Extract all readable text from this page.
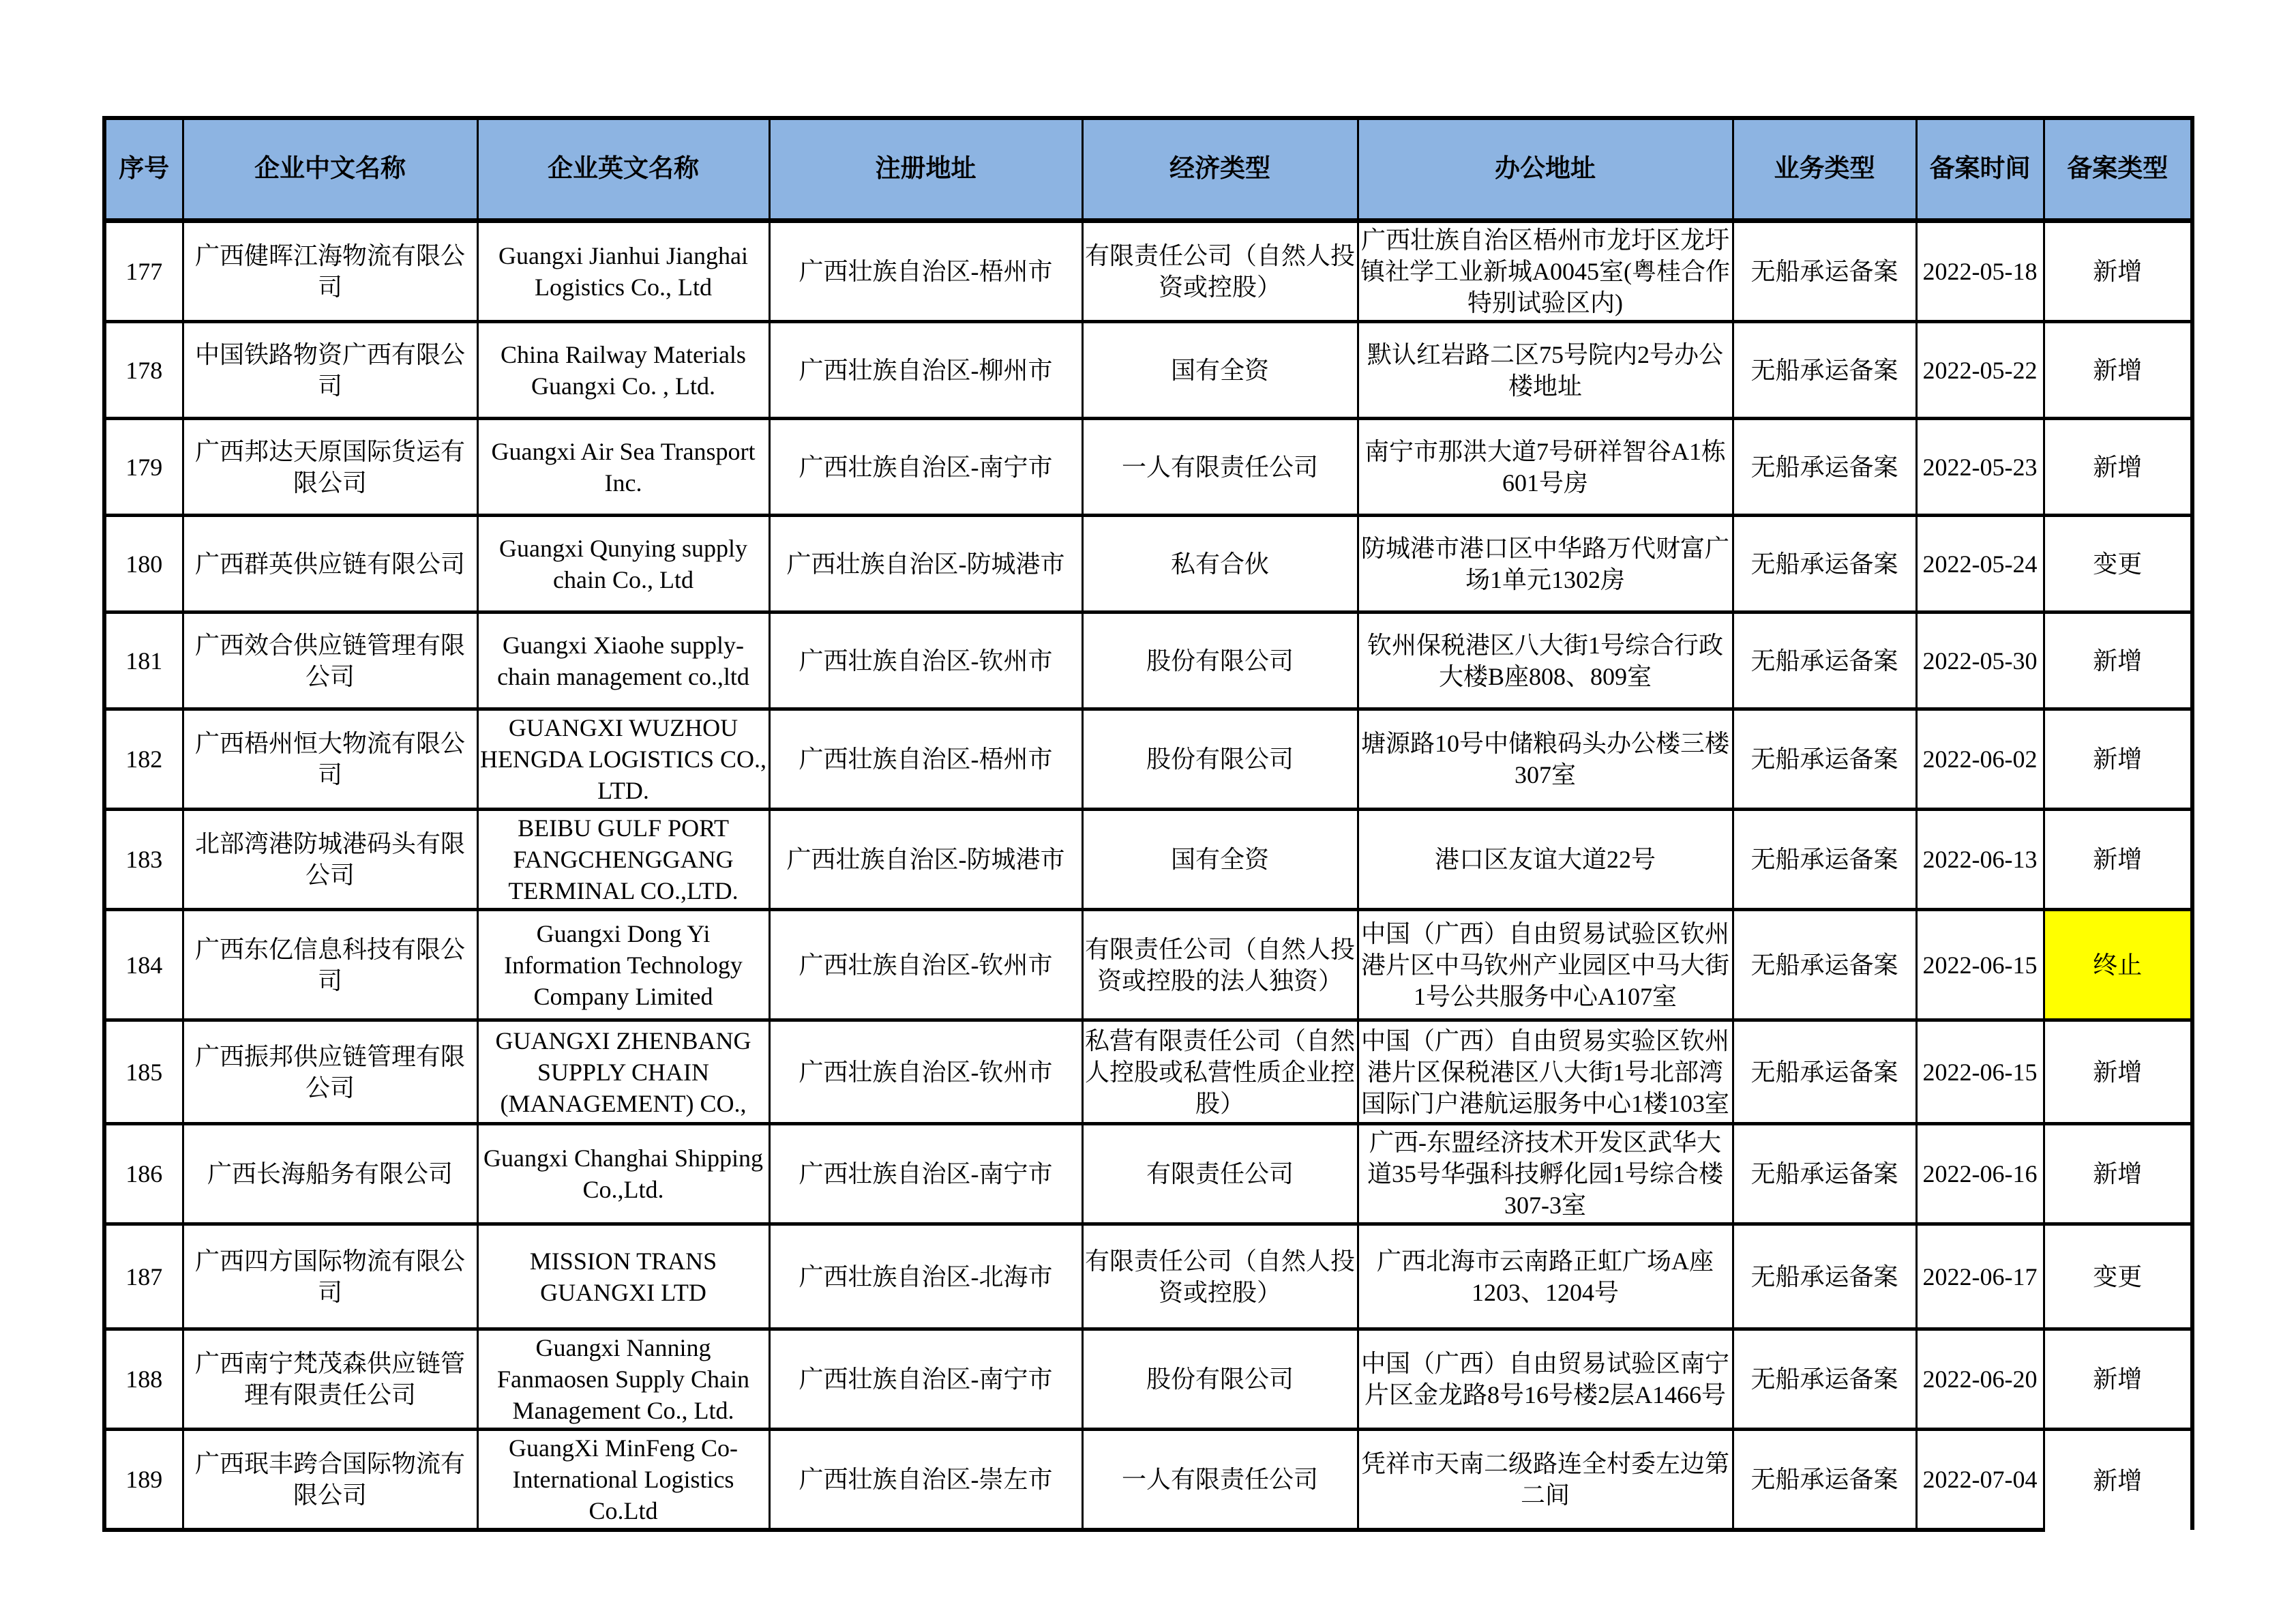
序号	企业中文名称	企业英文名称	注册地址	经济类型	办公地址	业务类型	备案时间	备案类型
177	广西健晖江海物流有限公司	Guangxi Jianhui Jianghai Logistics Co., Ltd	广西壮族自治区-梧州市	有限责任公司（自然人投资或控股）	广西壮族自治区梧州市龙圩区龙圩镇社学工业新城A0045室(粤桂合作特别试验区内)	无船承运备案	2022-05-18	新增
178	中国铁路物资广西有限公司	China Railway Materials Guangxi Co. , Ltd.	广西壮族自治区-柳州市	国有全资	默认红岩路二区75号院内2号办公楼地址	无船承运备案	2022-05-22	新增
179	广西邦达天原国际货运有限公司	Guangxi Air Sea Transport Inc.	广西壮族自治区-南宁市	一人有限责任公司	南宁市那洪大道7号研祥智谷A1栋601号房	无船承运备案	2022-05-23	新增
180	广西群英供应链有限公司	Guangxi Qunying supply chain Co., Ltd	广西壮族自治区-防城港市	私有合伙	防城港市港口区中华路万代财富广场1单元1302房	无船承运备案	2022-05-24	变更
181	广西效合供应链管理有限公司	Guangxi Xiaohe supply-chain management co.,ltd	广西壮族自治区-钦州市	股份有限公司	钦州保税港区八大街1号综合行政大楼B座808、809室	无船承运备案	2022-05-30	新增
182	广西梧州恒大物流有限公司	GUANGXI WUZHOU HENGDA LOGISTICS CO., LTD.	广西壮族自治区-梧州市	股份有限公司	塘源路10号中储粮码头办公楼三楼307室	无船承运备案	2022-06-02	新增
183	北部湾港防城港码头有限公司	BEIBU GULF PORT FANGCHENGGANG TERMINAL CO.,LTD.	广西壮族自治区-防城港市	国有全资	港口区友谊大道22号	无船承运备案	2022-06-13	新增
184	广西东亿信息科技有限公司	Guangxi Dong Yi Information Technology Company Limited	广西壮族自治区-钦州市	有限责任公司（自然人投资或控股的法人独资）	中国（广西）自由贸易试验区钦州港片区中马钦州产业园区中马大街1号公共服务中心A107室	无船承运备案	2022-06-15	终止
185	广西振邦供应链管理有限公司	GUANGXI ZHENBANG SUPPLY CHAIN (MANAGEMENT) CO.,	广西壮族自治区-钦州市	私营有限责任公司（自然人控股或私营性质企业控股）	中国（广西）自由贸易实验区钦州港片区保税港区八大街1号北部湾国际门户港航运服务中心1楼103室	无船承运备案	2022-06-15	新增
186	广西长海船务有限公司	Guangxi Changhai Shipping Co.,Ltd.	广西壮族自治区-南宁市	有限责任公司	广西-东盟经济技术开发区武华大道35号华强科技孵化园1号综合楼307-3室	无船承运备案	2022-06-16	新增
187	广西四方国际物流有限公司	MISSION TRANS GUANGXI LTD	广西壮族自治区-北海市	有限责任公司（自然人投资或控股）	广西北海市云南路正虹广场A座1203、1204号	无船承运备案	2022-06-17	变更
188	广西南宁梵茂森供应链管理有限责任公司	Guangxi Nanning Fanmaosen Supply Chain Management Co., Ltd.	广西壮族自治区-南宁市	股份有限公司	中国（广西）自由贸易试验区南宁片区金龙路8号16号楼2层A1466号	无船承运备案	2022-06-20	新增
189	广西珉丰跨合国际物流有限公司	GuangXi MinFeng Co-International Logistics Co.Ltd	广西壮族自治区-崇左市	一人有限责任公司	凭祥市天南二级路连全村委左边第二间	无船承运备案	2022-07-04	新增
